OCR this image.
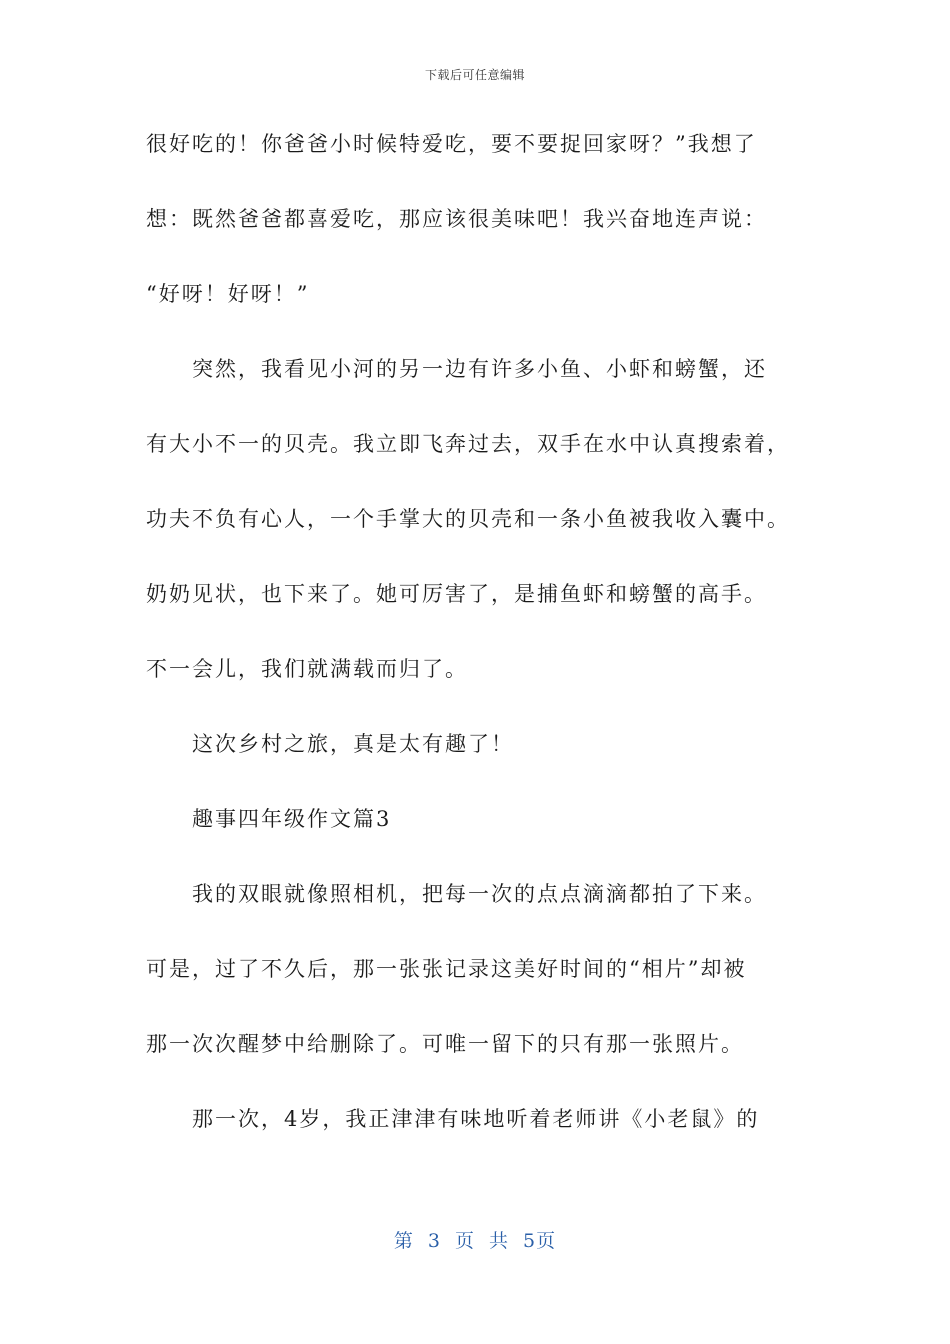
下载后可任意编辑
很好吃的！你爸爸小时候特爱吃，要不要捉回家呀？”我想了
想：既然爸爸都喜爱吃，那应该很美味吧！我兴奋地连声说：
“好呀！好呀！”
突然，我看见小河的另一边有许多小鱼、小虾和螃蟹，还
有大小不一的贝壳。我立即飞奔过去，双手在水中认真搜索着，
功夫不负有心人，一个手掌大的贝壳和一条小鱼被我收入囊中。
奶奶见状，也下来了。她可厉害了，是捕鱼虾和螃蟹的高手。
不一会儿，我们就满载而归了。
这次乡村之旅，真是太有趣了！
趣事四年级作文篇3
我的双眼就像照相机，把每一次的点点滴滴都拍了下来。
可是，过了不久后，那一张张记录这美好时间的“相片”却被
那一次次醒梦中给删除了。可唯一留下的只有那一张照片。
那一次，4岁，我正津津有味地听着老师讲《小老鼠》的
第 3 页 共 5页
